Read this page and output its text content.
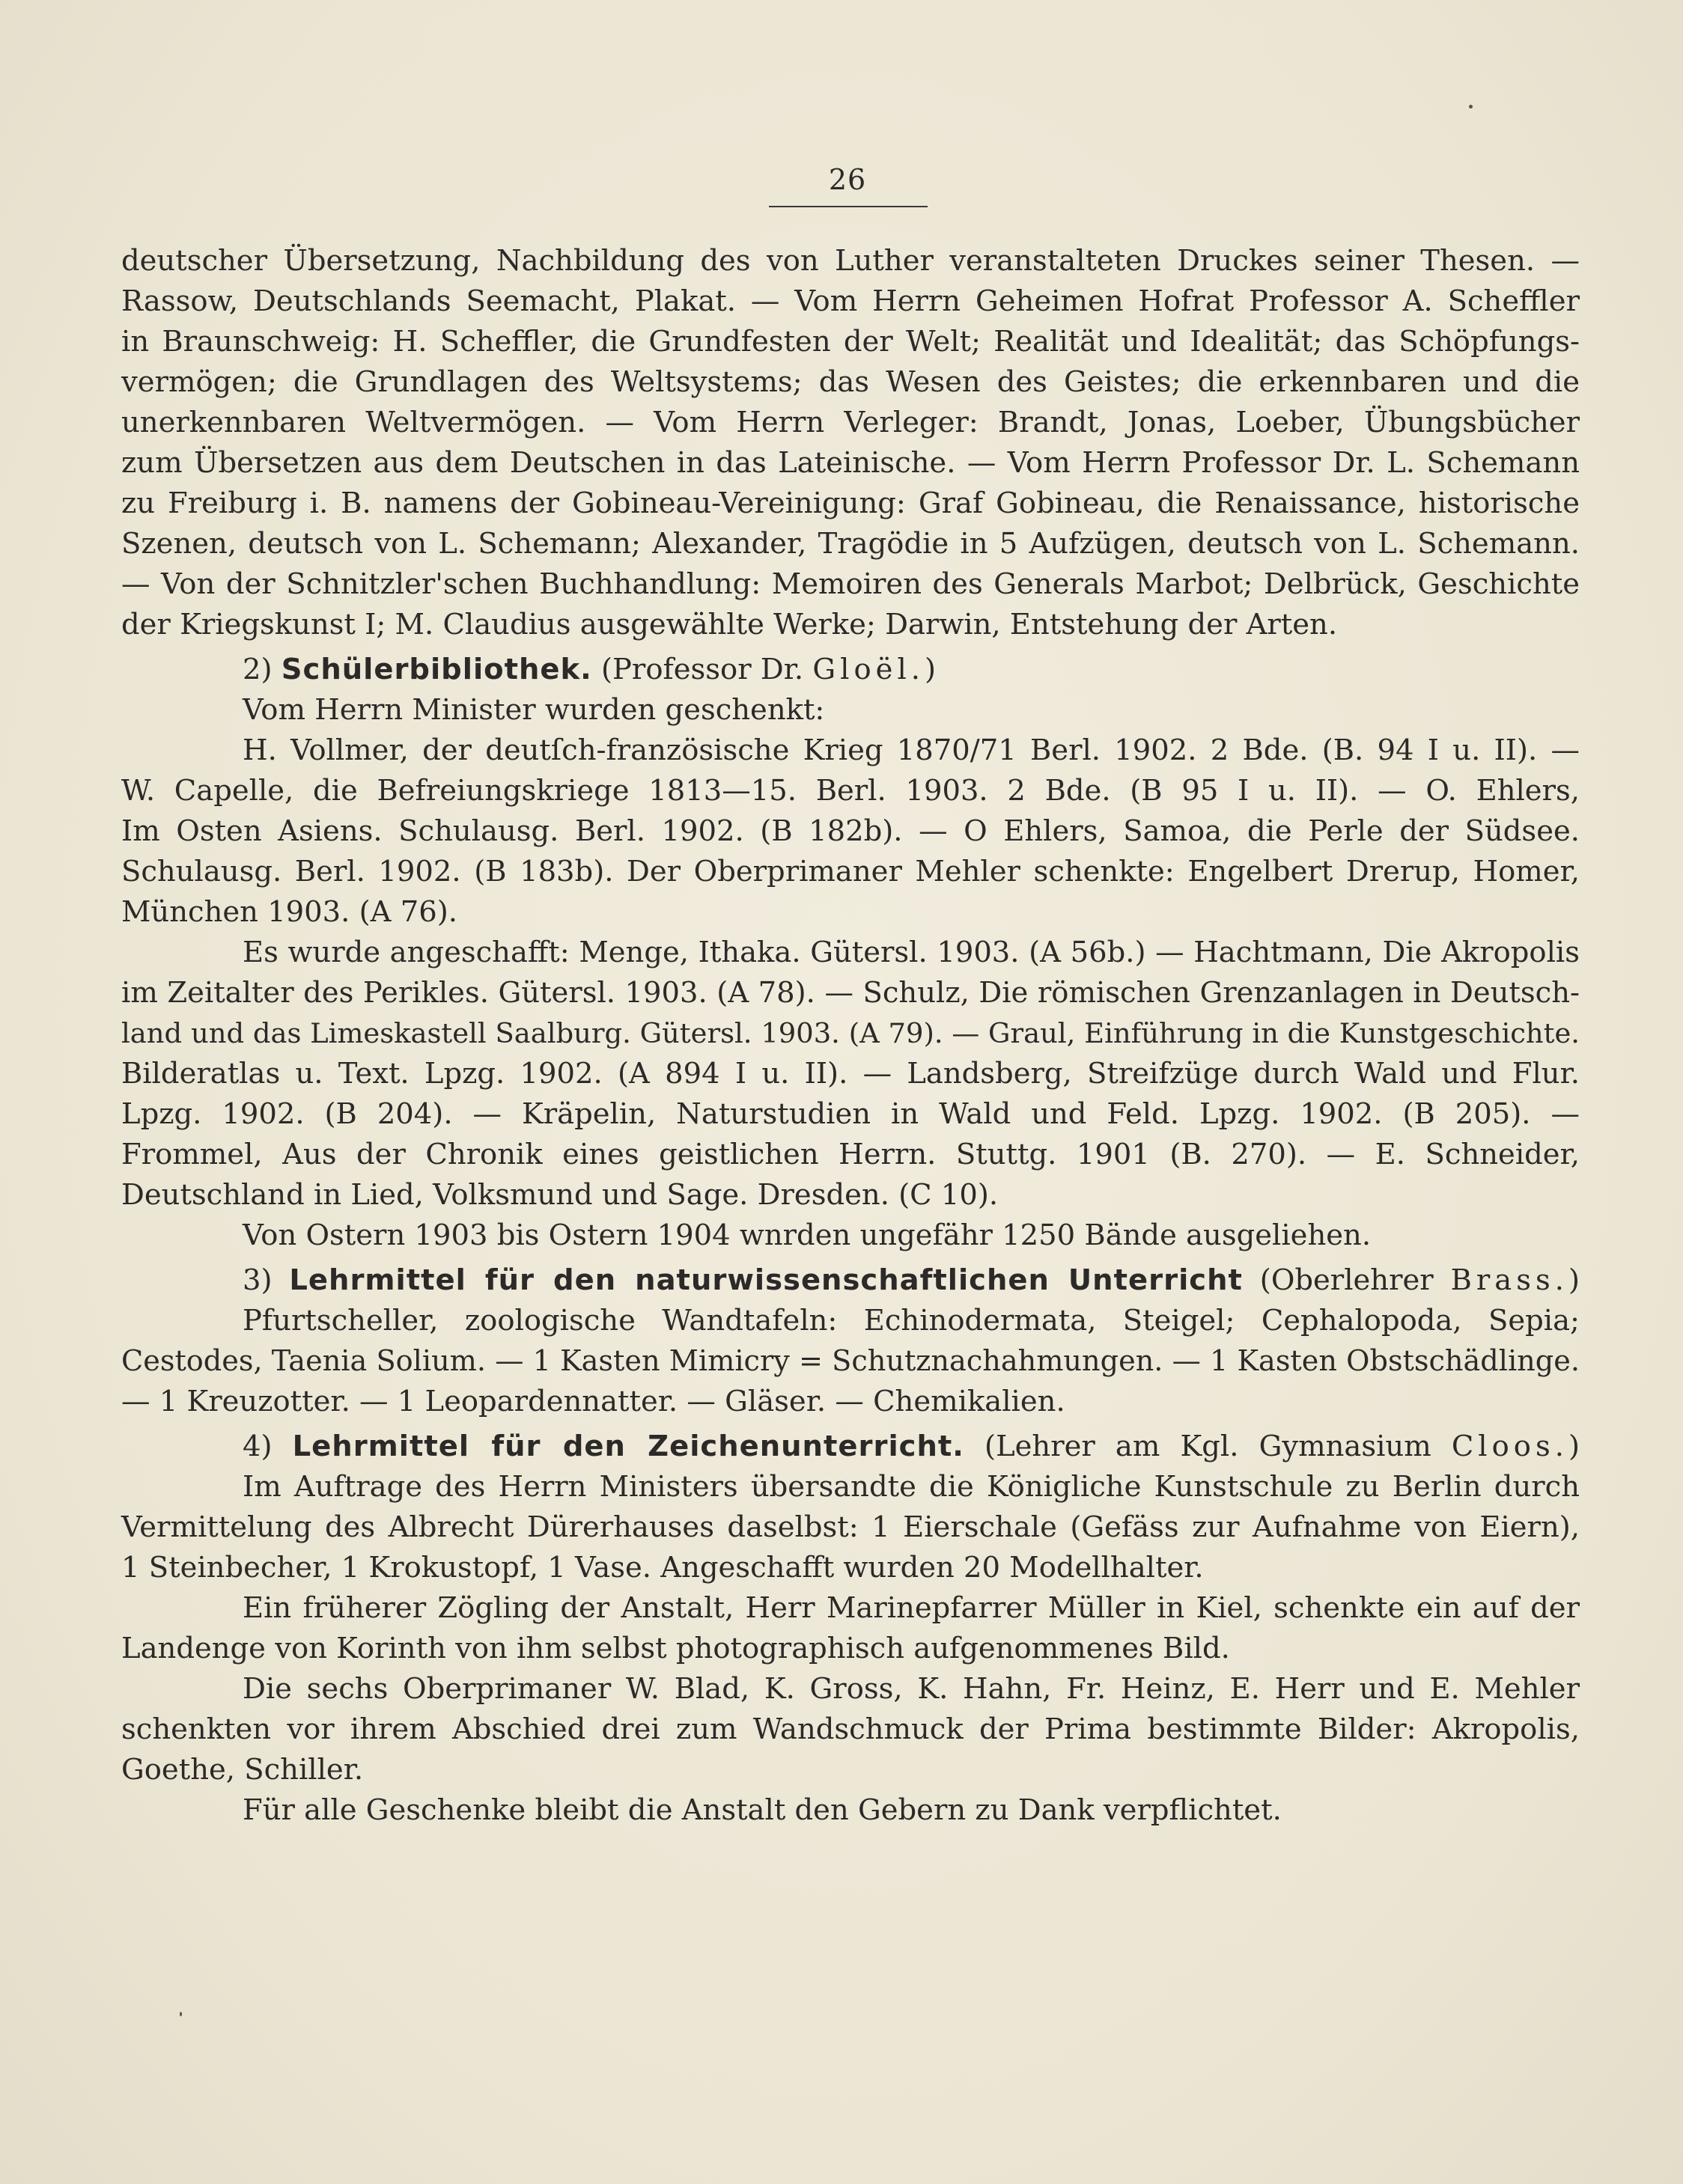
26
deutscher Übersetzung, Nachbildung des von Luther veranstalteten Druckes seiner Thesen. —
Rassow, Deutschlands Seemacht, Plakat. — Vom Herrn Geheimen Hofrat Professor A. Scheffler
in Braunschweig: H. Scheffler, die Grundfesten der Welt; Realität und Idealität; das Schöpfungs-
vermögen; die Grundlagen des Weltsystems; das Wesen des Geistes; die erkennbaren und die
unerkennbaren Weltvermögen. — Vom Herrn Verleger: Brandt, Jonas, Loeber, Übungsbücher
zum Übersetzen aus dem Deutschen in das Lateinische. — Vom Herrn Professor Dr. L. Schemann
zu Freiburg i. B. namens der Gobineau-Vereinigung: Graf Gobineau, die Renaissance, historische
Szenen, deutsch von L. Schemann; Alexander, Tragödie in 5 Aufzügen, deutsch von L. Schemann.
— Von der Schnitzler'schen Buchhandlung: Memoiren des Generals Marbot; Delbrück, Geschichte
der Kriegskunst I; M. Claudius ausgewählte Werke; Darwin, Entstehung der Arten.
2) Schülerbibliothek. (Professor Dr. Gloël.)
Vom Herrn Minister wurden geschenkt:
H. Vollmer, der deutſch-französische Krieg 1870/71 Berl. 1902. 2 Bde. (B. 94 I u. II). —
W. Capelle, die Befreiungskriege 1813—15. Berl. 1903. 2 Bde. (B 95 I u. II). — O. Ehlers,
Im Osten Asiens. Schulausg. Berl. 1902. (B 182b). — O Ehlers, Samoa, die Perle der Südsee.
Schulausg. Berl. 1902. (B 183b). Der Oberprimaner Mehler schenkte: Engelbert Drerup, Homer,
München 1903. (A 76).
Es wurde angeschafft: Menge, Ithaka. Gütersl. 1903. (A 56b.) — Hachtmann, Die Akropolis
im Zeitalter des Perikles. Gütersl. 1903. (A 78). — Schulz, Die römischen Grenzanlagen in Deutsch-
land und das Limeskastell Saalburg. Gütersl. 1903. (A 79). — Graul, Einführung in die Kunstgeschichte.
Bilderatlas u. Text. Lpzg. 1902. (A 894 I u. II). — Landsberg, Streifzüge durch Wald und Flur.
Lpzg. 1902. (B 204). — Kräpelin, Naturstudien in Wald und Feld. Lpzg. 1902. (B 205). —
Frommel, Aus der Chronik eines geistlichen Herrn. Stuttg. 1901 (B. 270). — E. Schneider,
Deutschland in Lied, Volksmund und Sage. Dresden. (C 10).
Von Ostern 1903 bis Ostern 1904 wnrden ungefähr 1250 Bände ausgeliehen.
3) Lehrmittel für den naturwissenschaftlichen Unterricht (Oberlehrer Brass.)
Pfurtscheller, zoologische Wandtafeln: Echinodermata, Steigel; Cephalopoda, Sepia;
Cestodes, Taenia Solium. — 1 Kasten Mimicry = Schutznachahmungen. — 1 Kasten Obstschädlinge.
— 1 Kreuzotter. — 1 Leopardennatter. — Gläser. — Chemikalien.
4) Lehrmittel für den Zeichenunterricht. (Lehrer am Kgl. Gymnasium Cloos.)
Im Auftrage des Herrn Ministers übersandte die Königliche Kunstschule zu Berlin durch
Vermittelung des Albrecht Dürerhauses daselbst: 1 Eierschale (Gefäss zur Aufnahme von Eiern),
1 Steinbecher, 1 Krokustopf, 1 Vase. Angeschafft wurden 20 Modellhalter.
Ein früherer Zögling der Anstalt, Herr Marinepfarrer Müller in Kiel, schenkte ein auf der
Landenge von Korinth von ihm selbst photographisch aufgenommenes Bild.
Die sechs Oberprimaner W. Blad, K. Gross, K. Hahn, Fr. Heinz, E. Herr und E. Mehler
schenkten vor ihrem Abschied drei zum Wandschmuck der Prima bestimmte Bilder: Akropolis,
Goethe, Schiller.
Für alle Geschenke bleibt die Anstalt den Gebern zu Dank verpflichtet.
